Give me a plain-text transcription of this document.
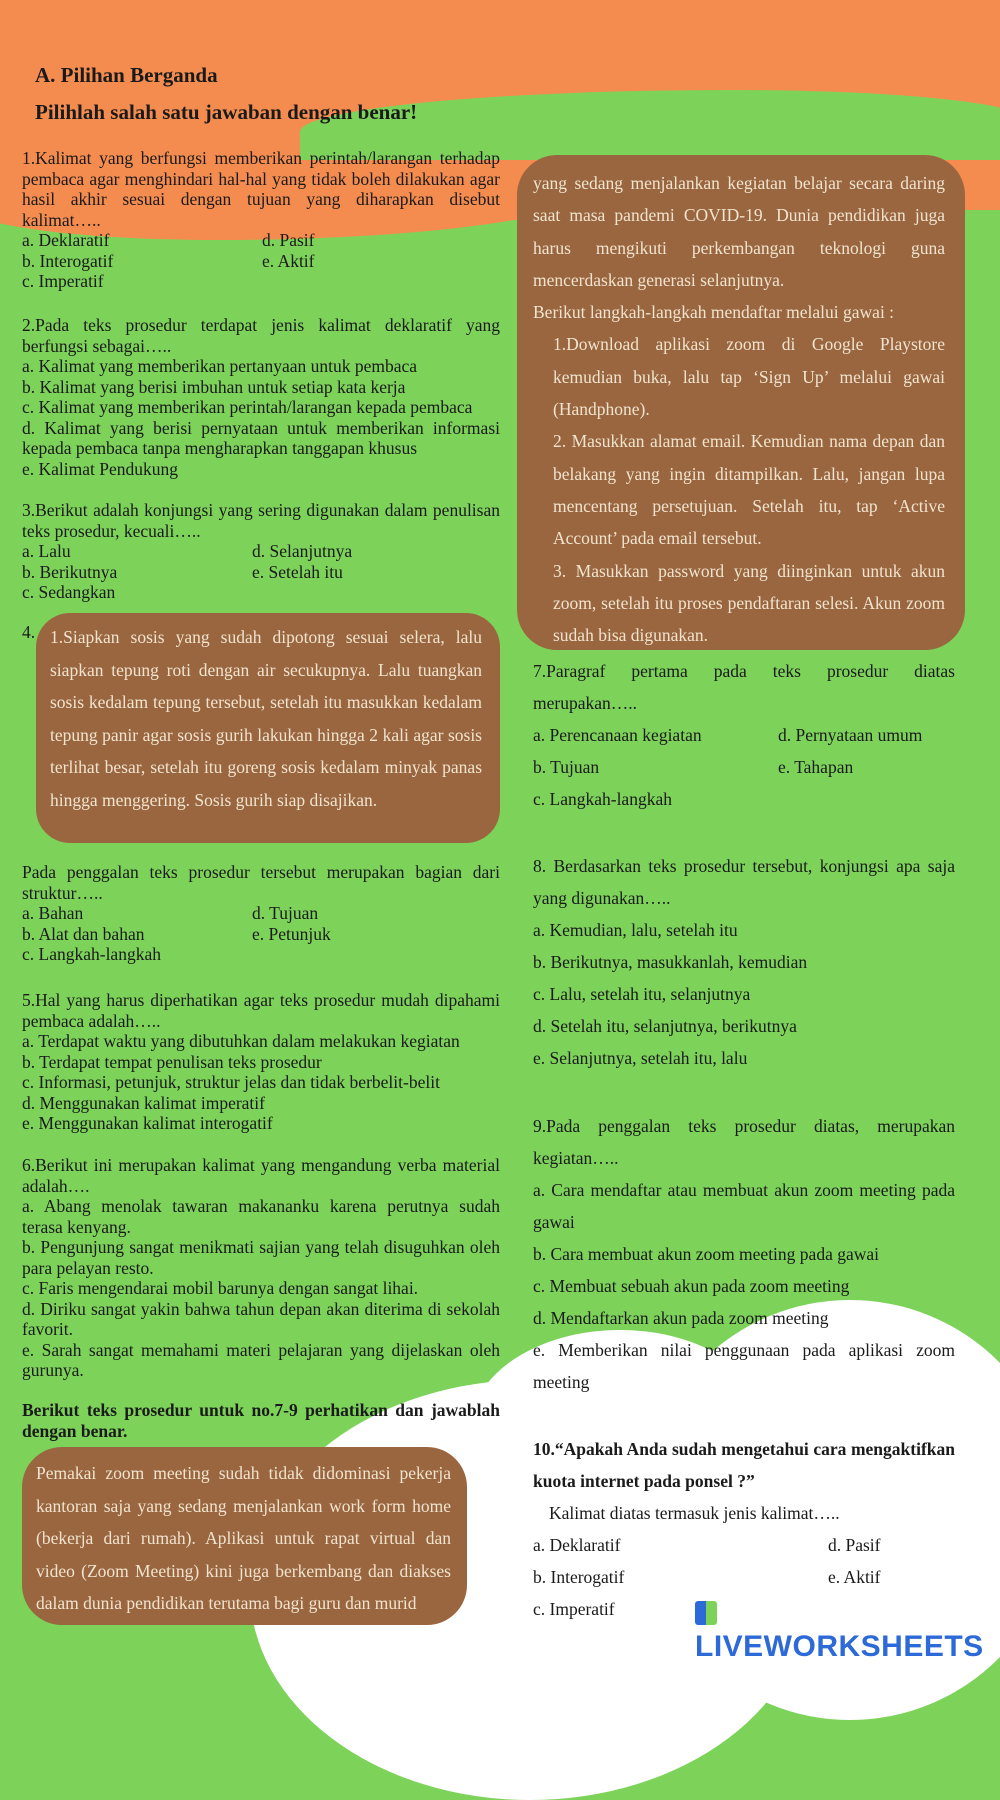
A. Pilihan Berganda
Pilihlah salah satu jawaban dengan benar!

1.Kalimat yang berfungsi memberikan perintah/larangan terhadap pembaca agar menghindari hal-hal yang tidak boleh dilakukan agar hasil akhir sesuai dengan tujuan yang diharapkan disebut kalimat…..

a. Deklaratif	d. Pasif
b. Interogatif	e. Aktif
c. Imperatif

2.Pada teks prosedur terdapat jenis kalimat deklaratif yang berfungsi sebagai…..

a. Kalimat yang memberikan pertanyaan untuk pembaca

b. Kalimat yang berisi imbuhan untuk setiap kata kerja

c. Kalimat yang memberikan perintah/larangan kepada pembaca

d. Kalimat yang berisi pernyataan untuk memberikan informasi kepada pembaca tanpa mengharapkan tanggapan khusus

e. Kalimat Pendukung

3.Berikut adalah konjungsi yang sering digunakan dalam penulisan teks prosedur, kecuali…..

a. Lalu	d. Selanjutnya
b. Berikutnya	e. Setelah itu
c. Sedangkan
4. 1.Siapkan sosis yang sudah dipotong sesuai selera, lalu siapkan tepung roti dengan air secukupnya. Lalu tuangkan sosis kedalam tepung tersebut, setelah itu masukkan kedalam tepung panir agar sosis gurih lakukan hingga 2 kali agar sosis terlihat besar, setelah itu goreng sosis kedalam minyak panas hingga menggering. Sosis gurih siap disajikan.

Pada penggalan teks prosedur tersebut merupakan bagian dari struktur…..

a. Bahan	d. Tujuan
b. Alat dan bahan	e. Petunjuk
c. Langkah-langkah

5.Hal yang harus diperhatikan agar teks prosedur mudah dipahami pembaca adalah…..

a. Terdapat waktu yang dibutuhkan dalam melakukan kegiatan

b. Terdapat tempat penulisan teks prosedur

c. Informasi, petunjuk, struktur jelas dan tidak berbelit-belit

d. Menggunakan kalimat imperatif

e. Menggunakan kalimat interogatif

6.Berikut ini merupakan kalimat yang mengandung verba material adalah….

a. Abang menolak tawaran makananku karena perutnya sudah terasa kenyang.

b. Pengunjung sangat menikmati sajian yang telah disuguhkan oleh para pelayan resto.

c. Faris mengendarai mobil barunya dengan sangat lihai.

d. Diriku sangat yakin bahwa tahun depan akan diterima di sekolah favorit.

e. Sarah sangat memahami materi pelajaran yang dijelaskan oleh gurunya.

Berikut teks prosedur untuk no.7-9 perhatikan dan jawablah dengan benar.

Pemakai zoom meeting sudah tidak didominasi pekerja kantoran saja yang sedang menjalankan work form home (bekerja dari rumah). Aplikasi untuk rapat virtual dan video (Zoom Meeting) kini juga berkembang dan diakses dalam dunia pendidikan terutama bagi guru dan murid

yang sedang menjalankan kegiatan belajar secara daring saat masa pandemi COVID-19. Dunia pendidikan juga harus mengikuti perkembangan teknologi guna mencerdaskan generasi selanjutnya.

Berikut langkah-langkah mendaftar melalui gawai :

1.Download aplikasi zoom di Google Playstore kemudian buka, lalu tap ‘Sign Up’ melalui gawai (Handphone).

2. Masukkan alamat email. Kemudian nama depan dan belakang yang ingin ditampilkan. Lalu, jangan lupa mencentang persetujuan. Setelah itu, tap ‘Active Account’ pada email tersebut.

3. Masukkan password yang diinginkan untuk akun zoom, setelah itu proses pendaftaran selesi. Akun zoom sudah bisa digunakan.

7.Paragraf pertama pada teks prosedur diatas merupakan…..

a. Perencanaan kegiatan	d. Pernyataan umum
b. Tujuan	e. Tahapan
c. Langkah-langkah

8. Berdasarkan teks prosedur tersebut, konjungsi apa saja yang digunakan…..

a. Kemudian, lalu, setelah itu

b. Berikutnya, masukkanlah, kemudian

c. Lalu, setelah itu, selanjutnya

d. Setelah itu, selanjutnya, berikutnya

e. Selanjutnya, setelah itu, lalu

9.Pada penggalan teks prosedur diatas, merupakan kegiatan…..

a. Cara mendaftar atau membuat akun zoom meeting pada gawai

b. Cara membuat akun zoom meeting pada gawai

c. Membuat sebuah akun pada zoom meeting

d. Mendaftarkan akun pada zoom meeting

e. Memberikan nilai penggunaan pada aplikasi zoom meeting

10.“Apakah Anda sudah mengetahui cara mengaktifkan kuota internet pada ponsel ?”

Kalimat diatas termasuk jenis kalimat…..

a. Deklaratif	d. Pasif
b. Interogatif	e. Aktif
c. Imperatif
LIVEWORKSHEETS
